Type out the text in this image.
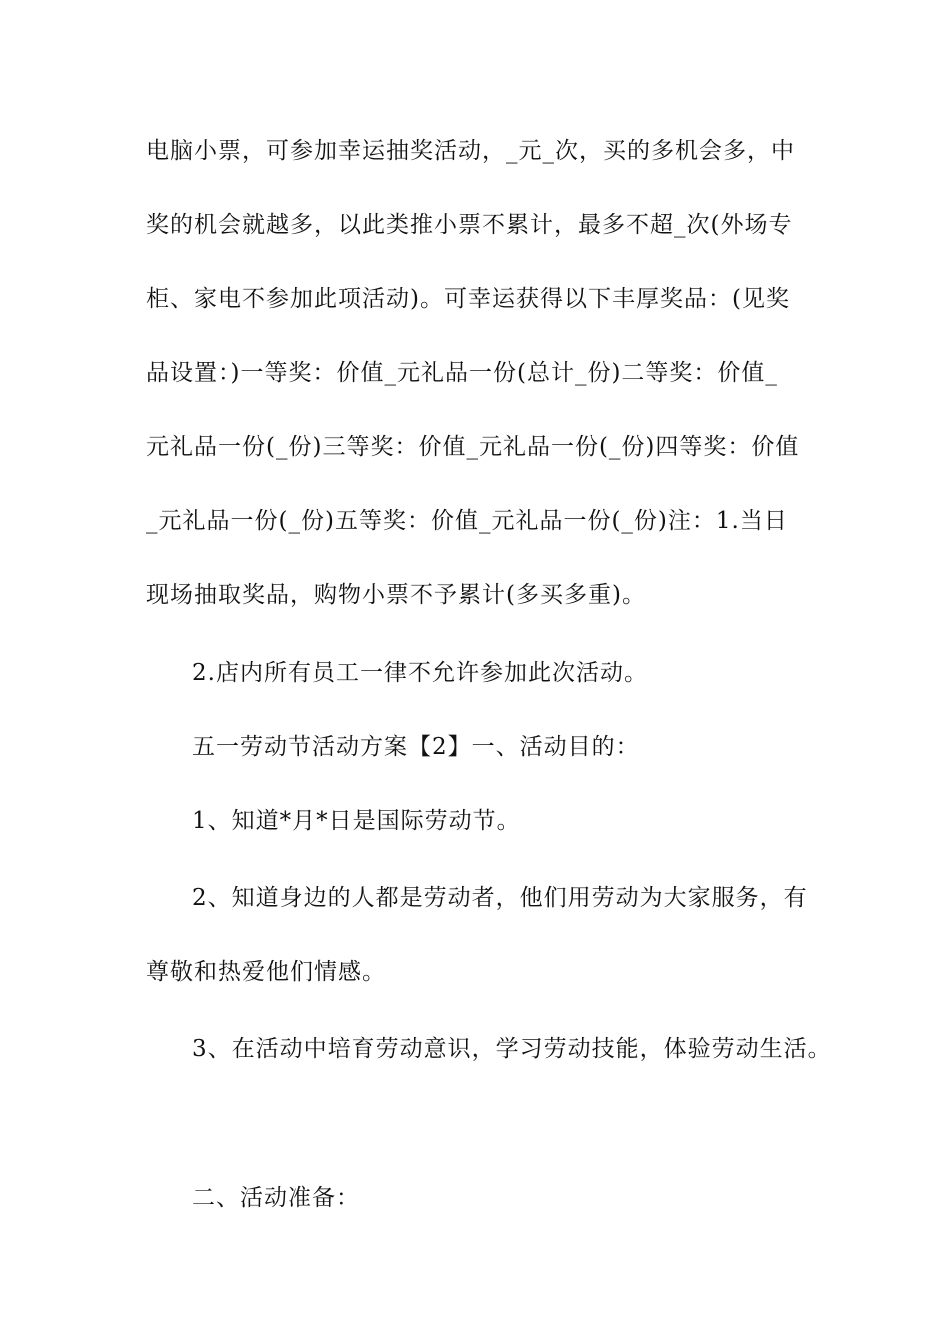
电脑小票，可参加幸运抽奖活动，_元_次，买的多机会多，中
奖的机会就越多，以此类推小票不累计，最多不超_次(外场专
柜、家电不参加此项活动)。可幸运获得以下丰厚奖品：(见奖
品设置：)一等奖：价值_元礼品一份(总计_份)二等奖：价值_
元礼品一份(_份)三等奖：价值_元礼品一份(_份)四等奖：价值
_元礼品一份(_份)五等奖：价值_元礼品一份(_份)注：1.当日
现场抽取奖品，购物小票不予累计(多买多重)。
2.店内所有员工一律不允许参加此次活动。
五一劳动节活动方案【2】一、活动目的：
1、知道*月*日是国际劳动节。
2、知道身边的人都是劳动者，他们用劳动为大家服务，有
尊敬和热爱他们情感。
3、在活动中培育劳动意识，学习劳动技能，体验劳动生活。
二、活动准备：
